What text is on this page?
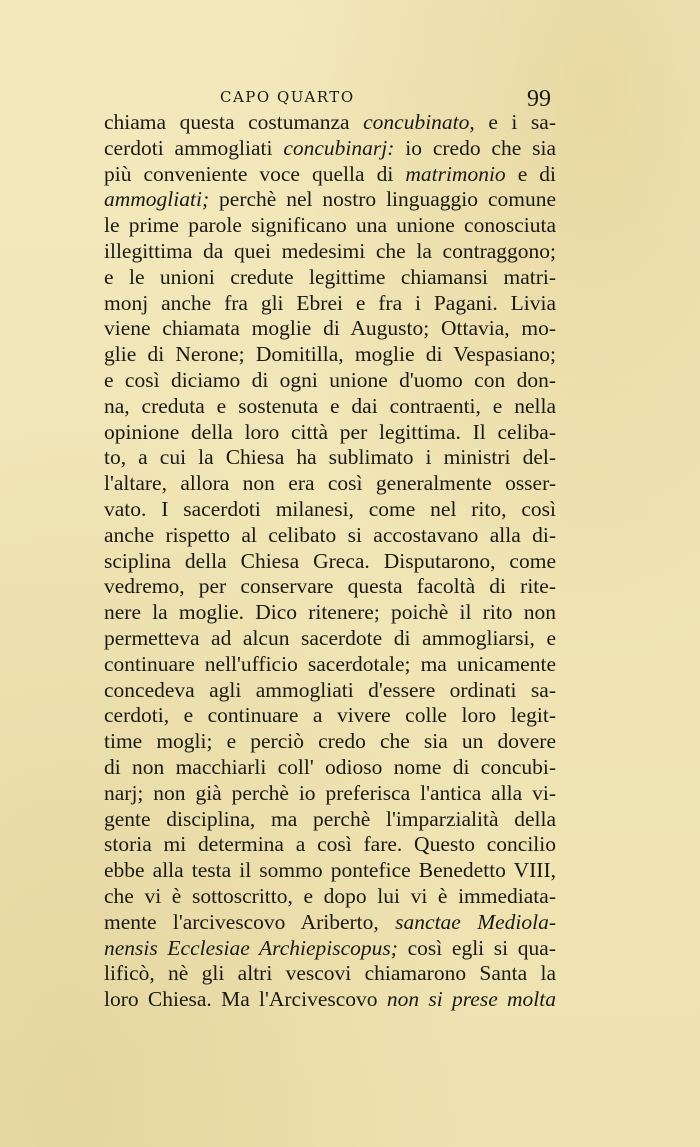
CAPO QUARTO	99
chiama questa costumanza concubinato, e i sa-
cerdoti ammogliati concubinarj: io credo che sia
più conveniente voce quella di matrimonio e di
ammogliati; perchè nel nostro linguaggio comune
le prime parole significano una unione conosciuta
illegittima da quei medesimi che la contraggono;
e le unioni credute legittime chiamansi matri-
monj anche fra gli Ebrei e fra i Pagani. Livia
viene chiamata moglie di Augusto; Ottavia, mo-
glie di Nerone; Domitilla, moglie di Vespasiano;
e così diciamo di ogni unione d'uomo con don-
na, creduta e sostenuta e dai contraenti, e nella
opinione della loro città per legittima. Il celiba-
to, a cui la Chiesa ha sublimato i ministri del-
l'altare, allora non era così generalmente osser-
vato. I sacerdoti milanesi, come nel rito, così
anche rispetto al celibato si accostavano alla di-
sciplina della Chiesa Greca. Disputarono, come
vedremo, per conservare questa facoltà di rite-
nere la moglie. Dico ritenere; poichè il rito non
permetteva ad alcun sacerdote di ammogliarsi, e
continuare nell'ufficio sacerdotale; ma unicamente
concedeva agli ammogliati d'essere ordinati sa-
cerdoti, e continuare a vivere colle loro legit-
time mogli; e perciò credo che sia un dovere
di non macchiarli coll' odioso nome di concubi-
narj; non già perchè io preferisca l'antica alla vi-
gente disciplina, ma perchè l'imparzialità della
storia mi determina a così fare. Questo concilio
ebbe alla testa il sommo pontefice Benedetto VIII,
che vi è sottoscritto, e dopo lui vi è immediata-
mente l'arcivescovo Ariberto, sanctae Mediola-
nensis Ecclesiae Archiepiscopus; così egli si qua-
lificò, nè gli altri vescovi chiamarono Santa la
loro Chiesa. Ma l'Arcivescovo non si prese molta
